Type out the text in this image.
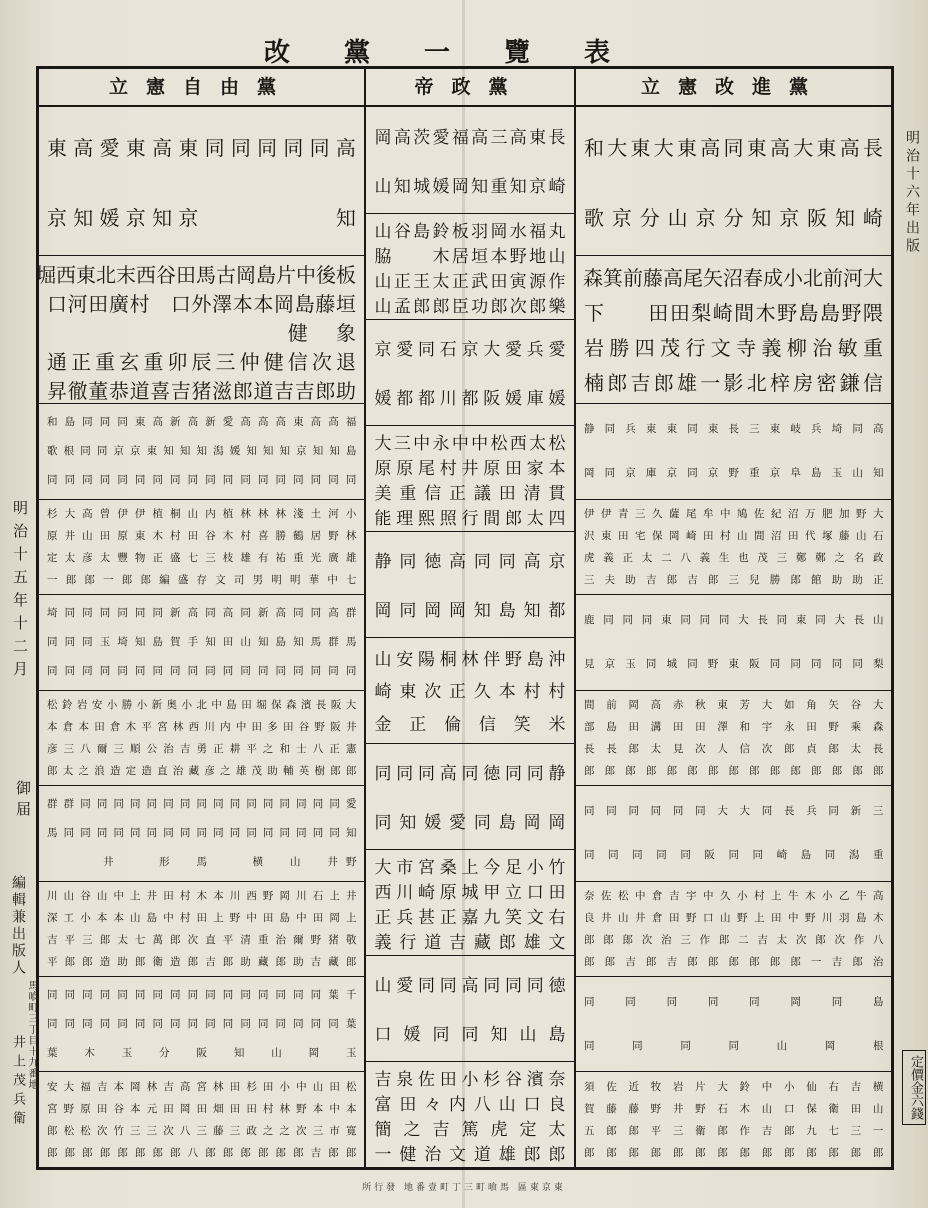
改黨一覽表
明治十六年出版
明治十五年十二月
御届
編輯兼出版人
馬喰町三丁目十九番地
井上茂兵衛	定價金六錢
立憲自由黨
高
同
同
同
同
同
東
高
東
愛
高
東
知

京
知
京
媛
知
京
板
後
中
片
島
岡
古
馬
田
谷
西
末
北
東
西
堀
垣
藤
島
岡
本
本
澤
外
口

村
廣
田
河
口
象

健

退
次
信
健
仲
三
辰
卯
重
玄
重
正
通
助
郎
吉
吉
道
郎
滋
猪
吉
喜
道
恭
董
徹
昇
福
高
高
東
高
高
高
愛
新
高
新
高
東
同
同
同
島
和
島
知
知
京
知
知
知
媛
潟
知
知
知
東
京
京
同
同
根
歌
同
同
同
同
同
同
同
同
同
同
同
同
同
同
同
同
同
同
小
河
土
淺
林
林
林
植
内
山
桐
植
伊
伊
曾
高
大
杉
林
野
居
鶴
勝
喜
村
木
谷
田
村
木
東
原
田
山
井
原
雄
廣
光
重
祐
有
雄
枝
三
七
盛
正
物
豐
太
彦
太
定
七
中
華
明
明
男
司
文
存
盛
編
郎
郎
一
郎
郎
一
群
高
同
同
高
新
同
高
同
高
新
同
同
同
同
同
同
埼
馬
群
馬
知
島
知
山
田
知
手
賀
島
知
埼
玉
同
同
同
同
同
同
同
同
同
同
同
同
同
同
同
同
同
同
同
同
同
大
阪
長
濱
森
保
堀
田
島
中
北
小
奥
新
小
勝
小
安
岩
鈴
松
井
阪
野
谷
田
多
田
中
内
川
西
林
宮
平
木
倉
田
本
倉
本
憲
正
八
士
和
之
平
耕
正
勇
吉
治
公
順
三
爾
八
三
彦
郎
郎
樹
英
輔
助
茂
雄
之
彦
藏
治
直
造
定
造
浪
之
太
郎
愛
同
同
同
同
同
同
同
同
同
同
同
同
同
同
同
同
群
群
知
同
同
同
同
同
同
同
同
同
同
同
同
同
同
同
同
同
馬
野
井

山

横

馬

形

井

井
上
石
川
岡
野
西
川
本
木
村
田
井
上
中
山
谷
山
川
上
岡
田
中
島
田
中
野
上
田
村
中
島
山
本
本
小
工
深
敬
猪
野
爾
治
重
清
平
直
次
郎
萬
七
太
郎
三
平
吉
郎
藏
吉
助
郎
藏
助
郎
吉
郎
造
衛
郎
助
造
郎
郎
平
千
葉
同
同
同
同
同
同
同
同
同
同
同
同
同
同
同
同
葉
同
同
同
同
同
同
同
同
同
同
同
同
同
同
同
同
同
玉

岡

山

知

阪

分

玉

木

葉
松
田
山
中
小
田
杉
田
林
宮
高
吉
林
岡
本
吉
福
大
安
本
中
本
野
林
村
田
田
畑
田
岡
田
元
本
谷
田
原
野
宮
寛
市
三
次
之
之
政
三
藤
三
八
次
三
三
竹
次
松
松
郎
郎
郎
吉
郎
郎
郎
郎
郎
郎
八
郎
郎
郎
郎
郎
郎
郎
郎
帝政黨
長
東
高
三
高
福
愛
茨
高
岡
崎
京
知
重
知
岡
媛
城
知
山
丸
福
水
岡
羽
板
鈴
島
谷
山
山
地
野
本
垣
居
木

脇
作
源
寅
田
武
正
太
王
正
山
樂
郎
次
郎
功
臣
郎
郎
孟
山
愛
兵
愛
大
京
石
同
愛
京
媛
庫
媛
阪
都
川
都
都
媛
松
太
西
松
中
中
永
中
三
大
本
家
田
原
井
村
尾
原
原
貫
清
田
議
正
信
重
美
四
太
郎
間
行
照
熙
理
能
京
高
同
同
高
徳
同
静
都
知
島
知
岡
岡
同
岡
沖
島
野
伴
林
桐
陽
安
山
村
村
本
久
正
次
東
崎
米
笑
信
倫
正
金
静
同
同
徳
同
高
同
同
同
岡
岡
島
同
愛
媛
知
同
竹
小
足
今
上
桑
宮
市
大
田
口
立
甲
城
原
崎
川
西
右
文
笑
九
嘉
正
甚
兵
正
文
雄
郎
藏
吉
道
行
義
徳
同
同
同
高
同
同
愛
山
島
山
知
同
同
媛
口
奈
濱
谷
杉
小
田
佐
泉
吉
良
口
山
八
内
々
田
富
太
定
虎
篤
吉
之
簡
郎
郎
雄
道
文
治
健
一
立憲改進黨
長
高
東
大
高
東
同
高
東
大
東
大
和
崎
知
阪
京
知
分
京
山
分
京
歌
大
河
前
北
小
成
春
沼
矢
尾
高
藤
前
箕
森
隈
野
島
島
野
木
間
崎
梨
田
田

下
重
敏
治
柳
義
寺
文
行
茂
四
勝
岩
信
鎌
密
房
梓
北
影
一
雄
郎
吉
郎
楠
高
同
埼
兵
岐
東
三
長
東
同
東
東
兵
同
静
知
山
玉
島
阜
京
重
野
京
同
京
庫
京
同
岡
大
野
加
肥
万
沼
紀
佐
鳩
中
牟
尾
薩
久
三
青
伊
伊
石
山
藤
塚
代
田
沼
間
山
村
田
崎
岡
保
宅
田
東
沢
政
名
之
鄭
鄭
三
茂
也
生
義
八
二
太
正
義
虎
正
助
助
館
郎
勝
兒
三
郎
吉
郎
吉
助
夫
三
山
長
大
同
東
同
長
大
同
同
同
東
同
同
同
鹿
梨
同
同
同
同
同
阪
東
野
同
城
同
玉
京
見
大
谷
矢
角
如
大
芳
東
秋
赤
高
岡
前
間
森
乘
野
田
永
宇
和
澤
田
田
溝
田
島
部
長
太
郎
貞
郎
次
信
人
次
見
太
郎
長
長
郎
郎
郎
郎
郎
郎
郎
郎
郎
郎
郎
郎
郎
郎
郎
三
新
同
兵
長
同
大
大
同
同
同
同
同
同
重
潟
同
島
崎
同
同
阪
同
同
同
同
同
高
牛
乙
小
木
牛
上
村
小
久
中
宇
吉
倉
中
松
佐
奈
木
島
羽
川
野
中
田
上
野
山
口
野
田
倉
井
山
井
良
八
作
次
郎
次
太
吉
二
郎
作
三
治
次
郎
郎
郎
治
郎
吉
一
郎
郎
郎
郎
郎
郎
吉
郎
吉
郎
郎
島
同
岡
同
同
同
同
同
根
岡
山
同
同
同
同
横
吉
右
仙
小
中
鈴
大
片
岩
牧
近
佐
須
山
田
衛
保
口
山
木
石
野
井
野
藤
藤
賀
一
三
七
九
郎
吉
作
郎
衛
三
平
郎
郎
五
郎
郎
郎
郎
郎
郎
郎
郎
郎
郎
郎
郎
郎
郎
所行發 地番壹町丁三町喰馬 區東京東
